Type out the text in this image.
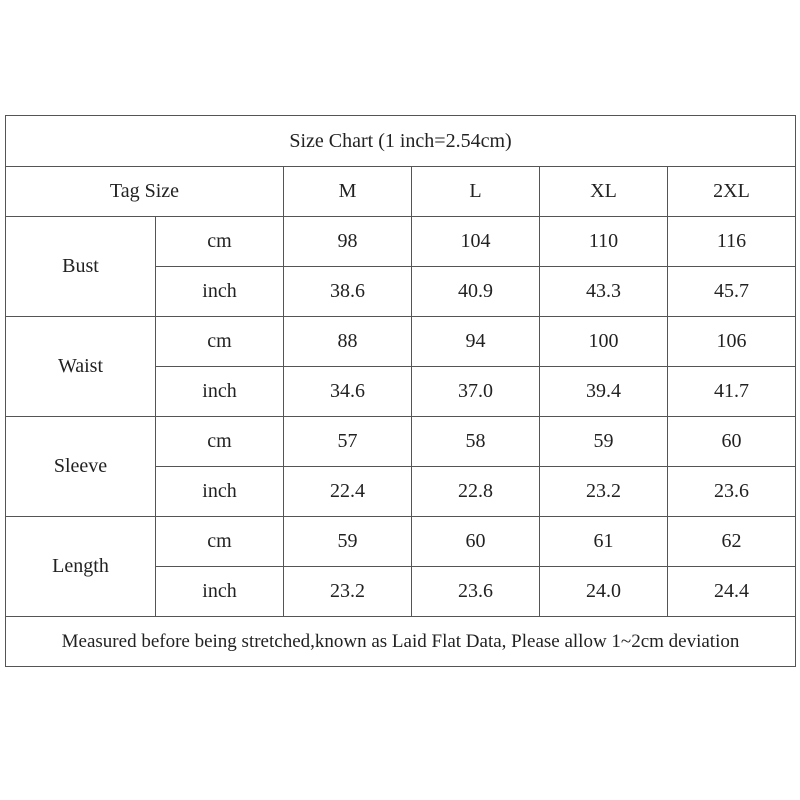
Size Chart (1 inch=2.54cm)					
Tag Size		M	L	XL	2XL
Bust	cm	98	104	110	116
	inch	38.6	40.9	43.3	45.7
Waist	cm	88	94	100	106
	inch	34.6	37.0	39.4	41.7
Sleeve	cm	57	58	59	60
	inch	22.4	22.8	23.2	23.6
Length	cm	59	60	61	62
	inch	23.2	23.6	24.0	24.4
Measured before being stretched,known as Laid Flat Data, Please allow 1~2cm deviation					
